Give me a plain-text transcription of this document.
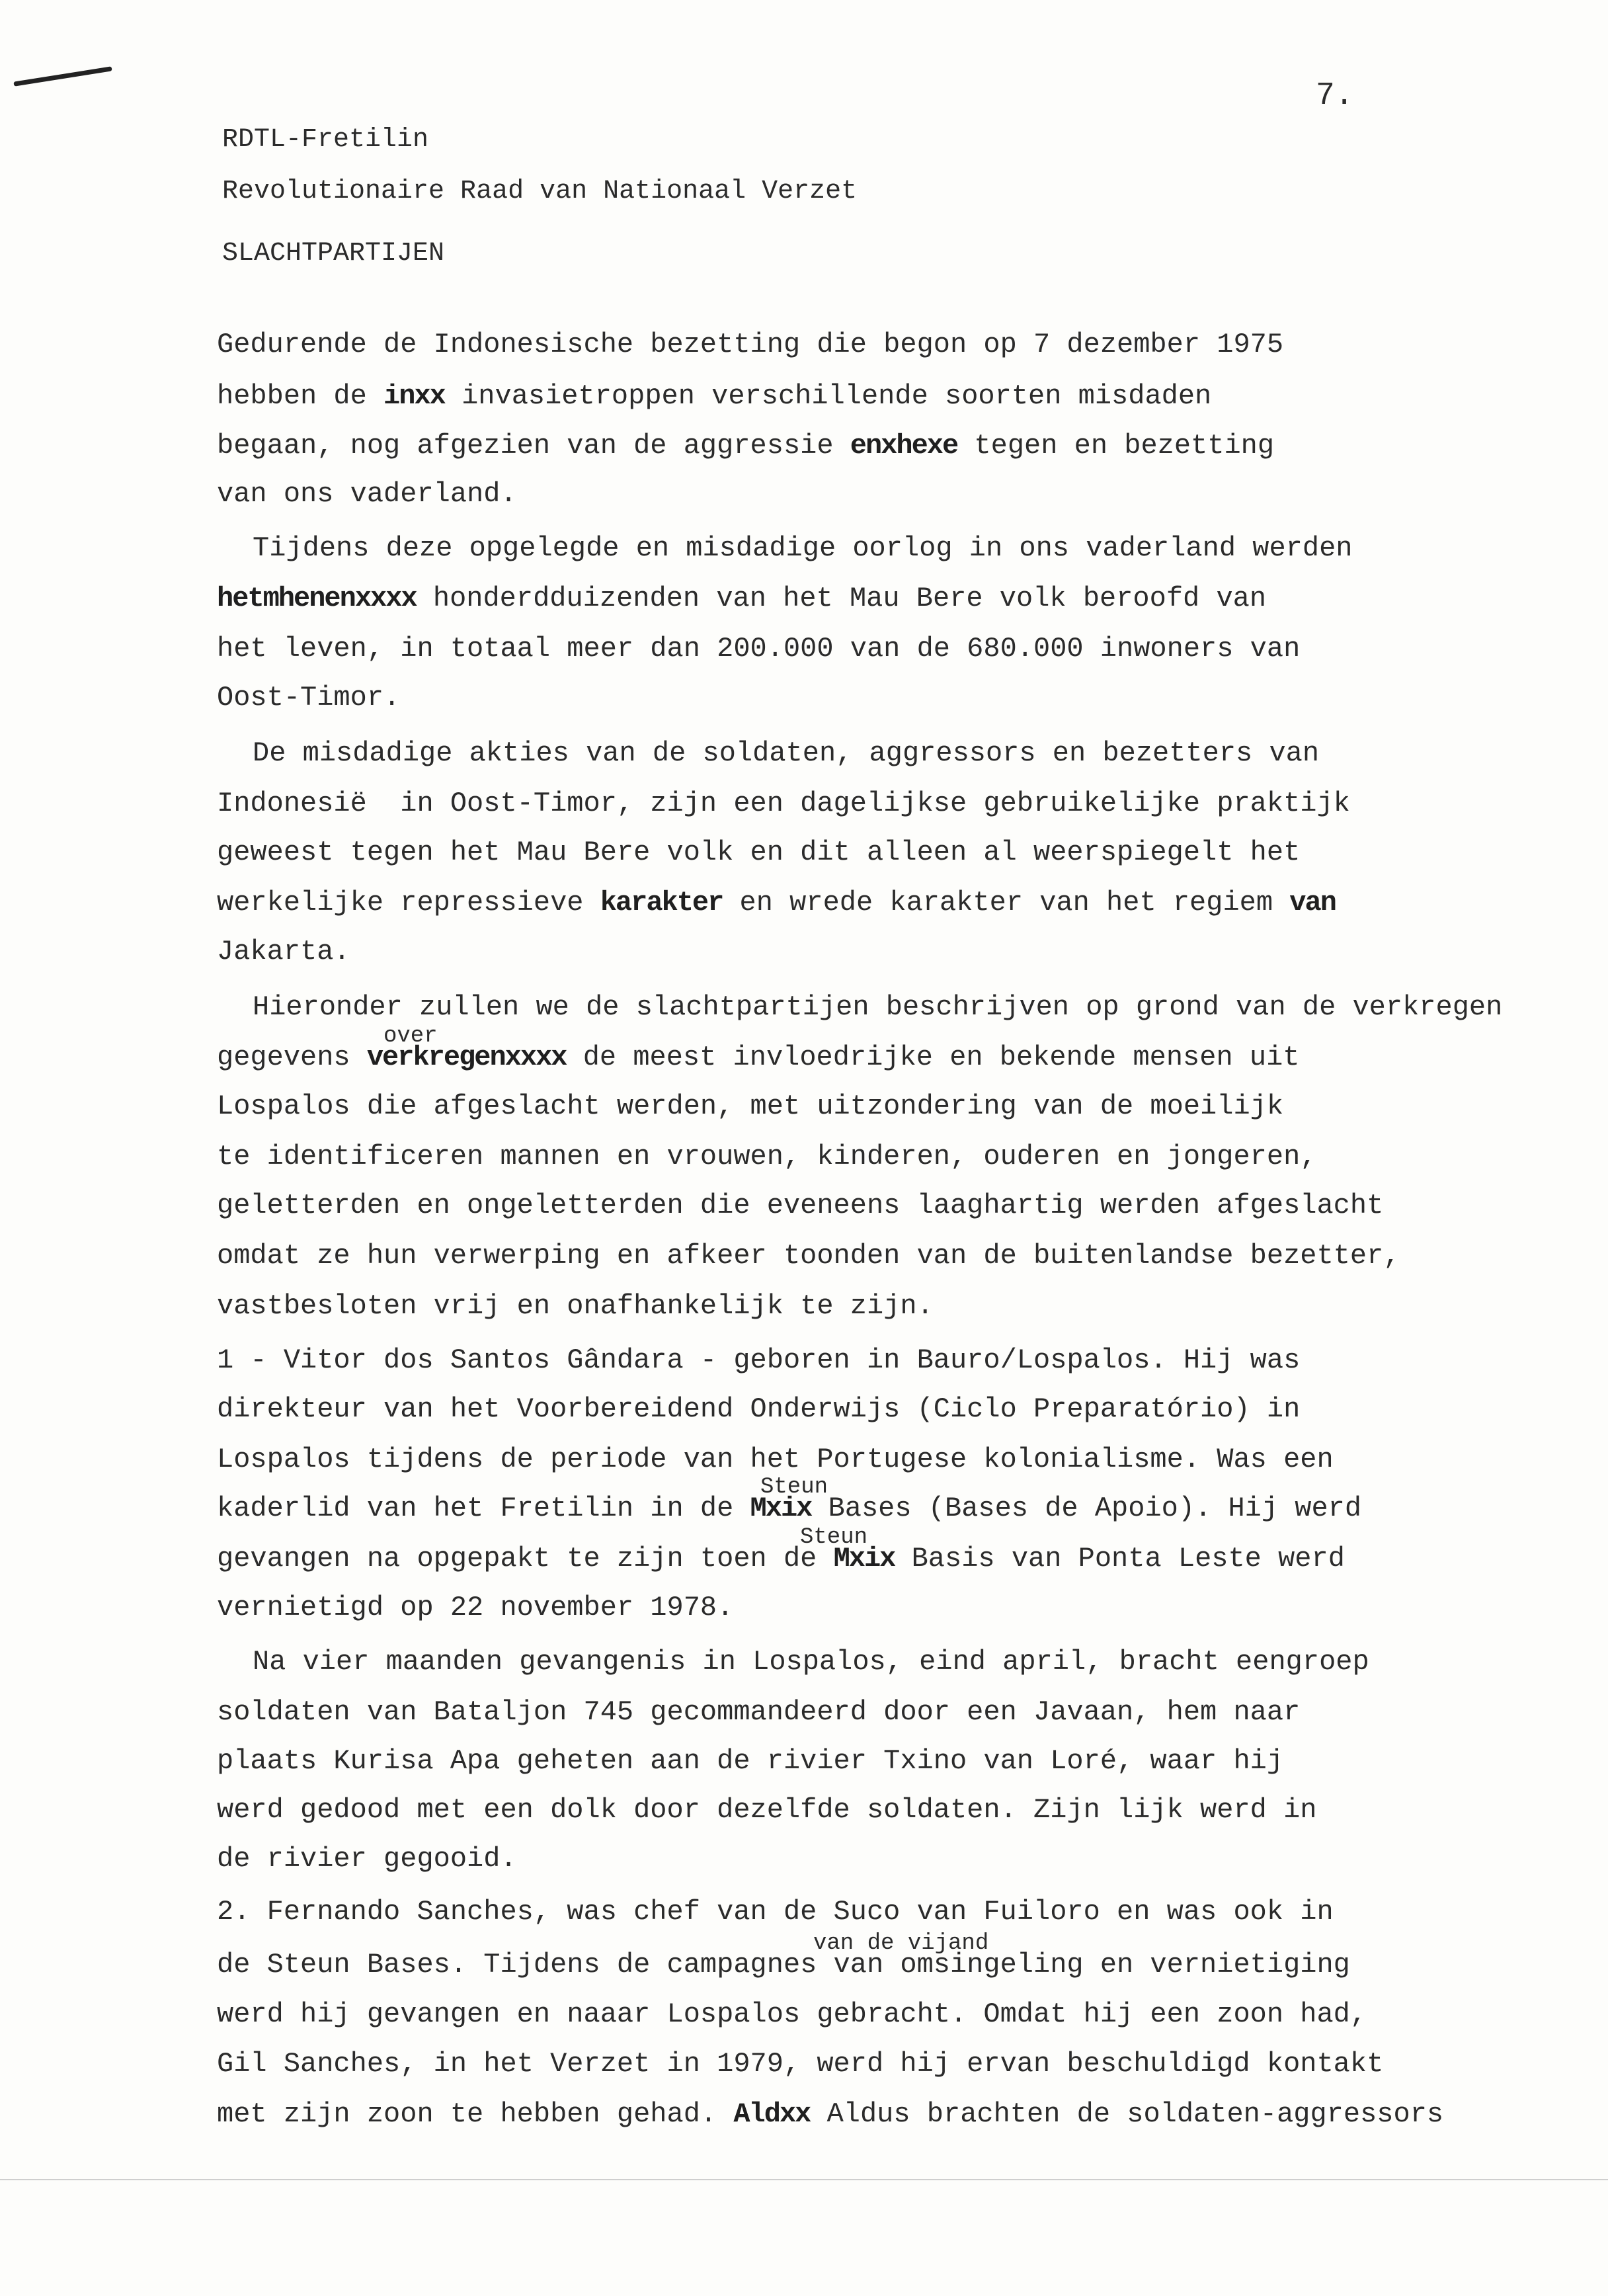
7.
RDTL-Fretilin
Revolutionaire Raad van Nationaal Verzet
SLACHTPARTIJEN
Gedurende de Indonesische bezetting die begon op 7 dezember 1975
hebben de inxx invasietroppen verschillende soorten misdaden
begaan, nog afgezien van de aggressie enxhexe tegen en bezetting
van ons vaderland.
Tijdens deze opgelegde en misdadige oorlog in ons vaderland werden
hetmhenenxxxx honderdduizenden van het Mau Bere volk beroofd van
het leven, in totaal meer dan 200.000 van de 680.000 inwoners van
Oost-Timor.
De misdadige akties van de soldaten, aggressors en bezetters van
Indonesiё  in Oost-Timor, zijn een dagelijkse gebruikelijke praktijk
geweest tegen het Mau Bere volk en dit alleen al weerspiegelt het
werkelijke repressieve karakter en wrede karakter van het regiem van
Jakarta.
Hieronder zullen we de slachtpartijen beschrijven op grond van de verkregen
gegevens verkregenxxxx de meest invloedrijke en bekende mensen uit
over
Lospalos die afgeslacht werden, met uitzondering van de moeilijk
te identificeren mannen en vrouwen, kinderen, ouderen en jongeren,
geletterden en ongeletterden die eveneens laaghartig werden afgeslacht
omdat ze hun verwerping en afkeer toonden van de buitenlandse bezetter,
vastbesloten vrij en onafhankelijk te zijn.
1 - Vitor dos Santos Gândara - geboren in Bauro/Lospalos. Hij was
direkteur van het Voorbereidend Onderwijs (Ciclo Preparatório) in
Lospalos tijdens de periode van het Portugese kolonialisme. Was een
kaderlid van het Fretilin in de Mxix Bases (Bases de Apoio). Hij werd
Steun
gevangen na opgepakt te zijn toen de Mxix Basis van Ponta Leste werd
Steun
vernietigd op 22 november 1978.
Na vier maanden gevangenis in Lospalos, eind april, bracht eengroep
soldaten van Bataljon 745 gecommandeerd door een Javaan, hem naar
plaats Kurisa Apa geheten aan de rivier Txino van Loré, waar hij
werd gedood met een dolk door dezelfde soldaten. Zijn lijk werd in
de rivier gegooid.
2. Fernando Sanches, was chef van de Suco van Fuiloro en was ook in
de Steun Bases. Tijdens de campagnes van omsingeling en vernietiging
van de vijand
werd hij gevangen en naaar Lospalos gebracht. Omdat hij een zoon had,
Gil Sanches, in het Verzet in 1979, werd hij ervan beschuldigd kontakt
met zijn zoon te hebben gehad. Aldxx Aldus brachten de soldaten-aggressors
